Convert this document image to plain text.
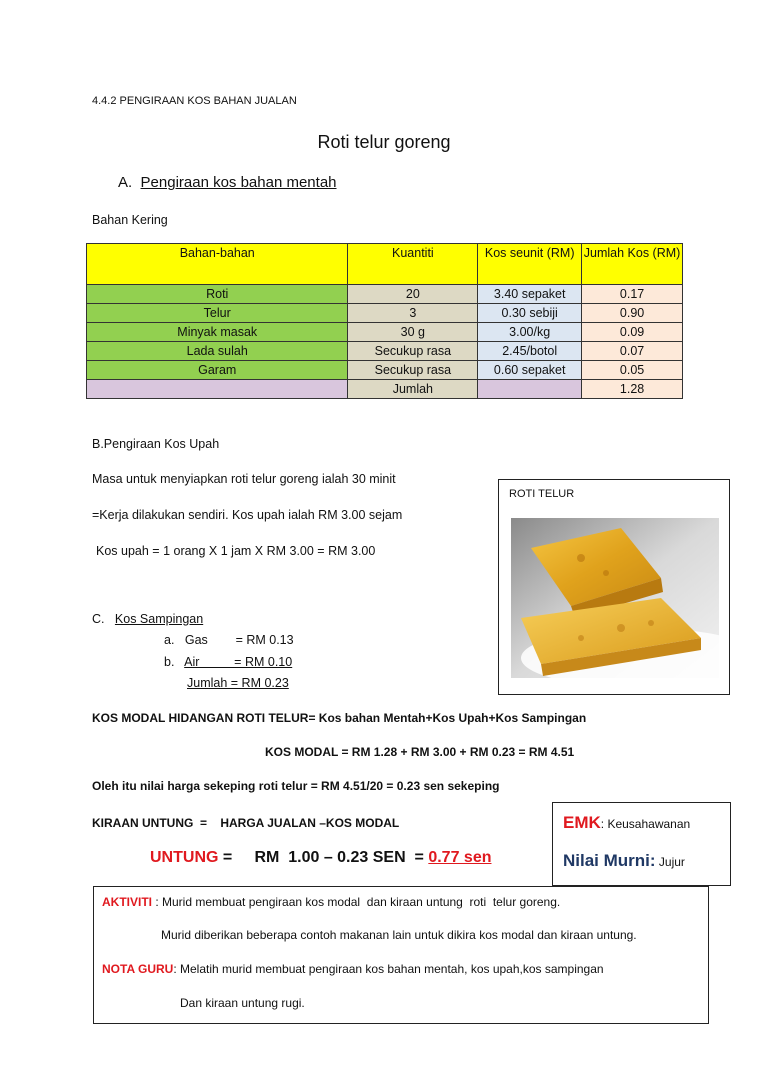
4.4.2 PENGIRAAN KOS BAHAN JUALAN
Roti telur goreng
A. Pengiraan kos bahan mentah
Bahan Kering
Bahan-bahan	Kuantiti	Kos seunit (RM)	Jumlah Kos (RM)
Roti	20	3.40 sepaket	0.17
Telur	3	0.30 sebiji	0.90
Minyak masak	30 g	3.00/kg	0.09
Lada sulah	Secukup rasa	2.45/botol	0.07
Garam	Secukup rasa	0.60 sepaket	0.05
	Jumlah		1.28
B.Pengiraan Kos Upah
Masa untuk menyiapkan roti telur goreng ialah 30 minit
=Kerja dilakukan sendiri. Kos upah ialah RM 3.00 sejam
Kos upah = 1 orang X 1 jam X RM 3.00 = RM 3.00
ROTI TELUR
C. Kos Sampingan
a. Gas        = RM 0.13
b. Air          = RM 0.10
Jumlah = RM 0.23
KOS MODAL HIDANGAN ROTI TELUR= Kos bahan Mentah+Kos Upah+Kos Sampingan
KOS MODAL = RM 1.28 + RM 3.00 + RM 0.23 = RM 4.51
Oleh itu nilai harga sekeping roti telur = RM 4.51/20 = 0.23 sen sekeping
KIRAAN UNTUNG  =    HARGA JUALAN –KOS MODAL
UNTUNG =     RM  1.00 – 0.23 SEN  = 0.77 sen
EMK: Keusahawanan
Nilai Murni: Jujur
AKTIVITI : Murid membuat pengiraan kos modal  dan kiraan untung  roti  telur goreng.
Murid diberikan beberapa contoh makanan lain untuk dikira kos modal dan kiraan untung.
NOTA GURU: Melatih murid membuat pengiraan kos bahan mentah, kos upah,kos sampingan
Dan kiraan untung rugi.
